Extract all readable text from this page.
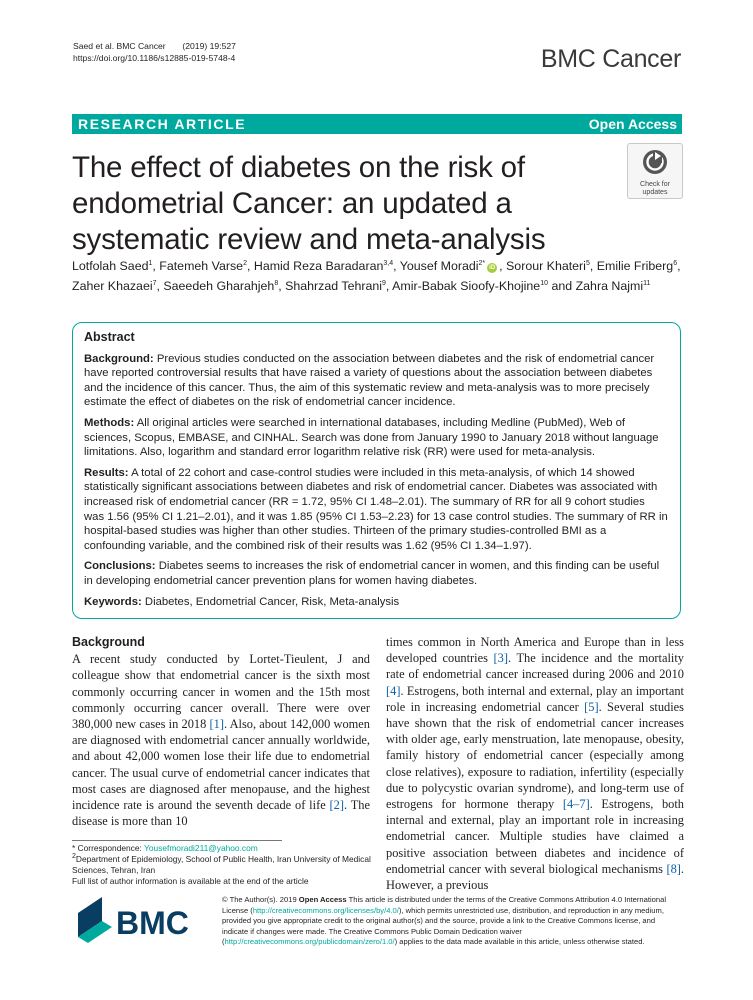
Saed et al. BMC Cancer (2019) 19:527
https://doi.org/10.1186/s12885-019-5748-4	BMC Cancer
RESEARCH ARTICLE	Open Access
The effect of diabetes on the risk of endometrial Cancer: an updated a systematic review and meta-analysis
Check for
updates
Lotfolah Saed$^1$, Fatemeh Varse$^2$, Hamid Reza Baradaran$^{3,4}$, Yousef Moradi$^{2*}$iD , Sorour Khateri$^5$, Emilie Friberg$^6$,
Zaher Khazaei$^7$, Saeedeh Gharahjeh$^8$, Shahrzad Tehrani$^9$, Amir-Babak Sioofy-Khojine$^{10}$ and Zahra Najmi$^{11}$
Abstract

Background: Previous studies conducted on the association between diabetes and the risk of endometrial cancer have reported controversial results that have raised a variety of questions about the association between diabetes and the incidence of this cancer. Thus, the aim of this systematic review and meta-analysis was to more precisely estimate the effect of diabetes on the risk of endometrial cancer incidence.

Methods: All original articles were searched in international databases, including Medline (PubMed), Web of sciences, Scopus, EMBASE, and CINHAL. Search was done from January 1990 to January 2018 without language limitations. Also, logarithm and standard error logarithm relative risk (RR) were used for meta-analysis.

Results: A total of 22 cohort and case-control studies were included in this meta-analysis, of which 14 showed statistically significant associations between diabetes and risk of endometrial cancer. Diabetes was associated with increased risk of endometrial cancer (RR = 1.72, 95% CI 1.48–2.01). The summary of RR for all 9 cohort studies was 1.56 (95% CI 1.21–2.01), and it was 1.85 (95% CI 1.53–2.23) for 13 case control studies. The summary of RR in hospital-based studies was higher than other studies. Thirteen of the primary studies-controlled BMI as a confounding variable, and the combined risk of their results was 1.62 (95% CI 1.34–1.97).

Conclusions: Diabetes seems to increases the risk of endometrial cancer in women, and this finding can be useful in developing endometrial cancer prevention plans for women having diabetes.

Keywords: Diabetes, Endometrial Cancer, Risk, Meta-analysis

Background

A recent study conducted by Lortet-Tieulent, J and colleague show that endometrial cancer is the sixth most commonly occurring cancer in women and the 15th most commonly occurring cancer overall. There were over 380,000 new cases in 2018 [1]. Also, about 142,000 women are diagnosed with endometrial cancer annually worldwide, and about 42,000 women lose their life due to endometrial cancer. The usual curve of endometrial cancer indicates that most cases are diagnosed after menopause, and the highest incidence rate is around the seventh decade of life [2]. The disease is more than 10

times common in North America and Europe than in less developed countries [3]. The incidence and the mortality rate of endometrial cancer increased during 2006 and 2010 [4]. Estrogens, both internal and external, play an important role in increasing endometrial cancer [5]. Several studies have shown that the risk of endometrial cancer increases with older age, early menstruation, late menopause, obesity, family history of endometrial cancer (especially among close relatives), exposure to radiation, infertility (especially due to polycystic ovarian syndrome), and long-term use of estrogens for hormone therapy [4–7]. Estrogens, both internal and external, play an important role in increasing endometrial cancer. Multiple studies have claimed a positive association between diabetes and incidence of endometrial cancer with several biological mechanisms [8]. However, a previous

* Correspondence: Yousefmoradi211@yahoo.com
$^2$Department of Epidemiology, School of Public Health, Iran University of Medical Sciences, Tehran, Iran
Full list of author information is available at the end of the article
BMC
© The Author(s). 2019 Open Access This article is distributed under the terms of the Creative Commons Attribution 4.0 International License (http://creativecommons.org/licenses/by/4.0/), which permits unrestricted use, distribution, and reproduction in any medium, provided you give appropriate credit to the original author(s) and the source, provide a link to the Creative Commons license, and indicate if changes were made. The Creative Commons Public Domain Dedication waiver (http://creativecommons.org/publicdomain/zero/1.0/) applies to the data made available in this article, unless otherwise stated.
